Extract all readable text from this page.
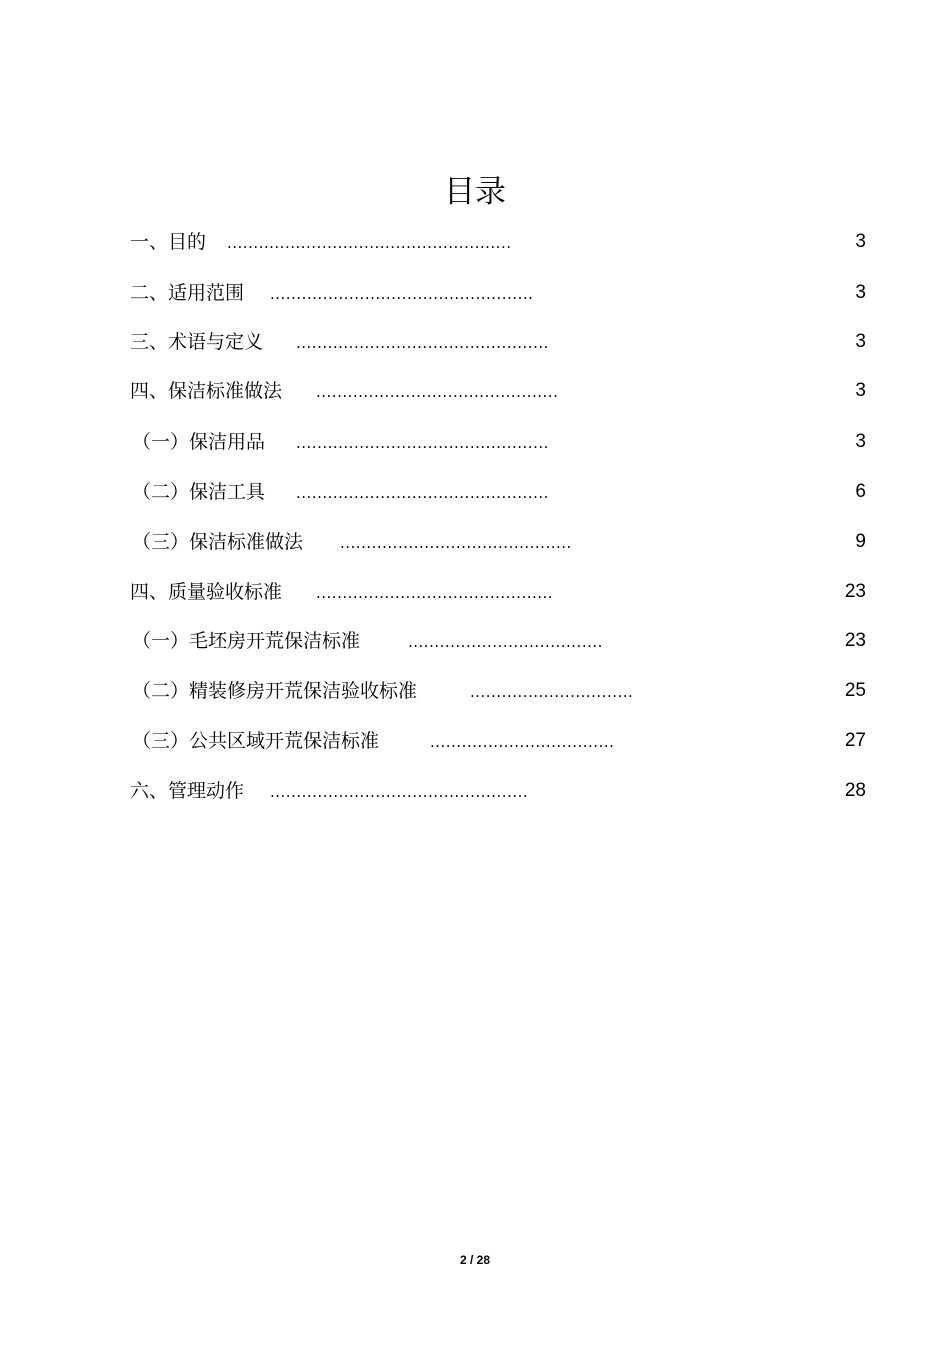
目录
一、目的 ......................................................	3
二、适用范围 ..................................................	3
三、术语与定义 ................................................	3
四、保洁标准做法 ..............................................	3
（一）保洁用品 ................................................	3
（二）保洁工具 ................................................	6
（三）保洁标准做法 ............................................	9
四、质量验收标准 .............................................	23
（一）毛坯房开荒保洁标准	.....................................	23
（二）精装修房开荒保洁验收标准	...............................	25
（三）公共区域开荒保洁标准	...................................	27
六、管理动作 .................................................	28
2 / 28
